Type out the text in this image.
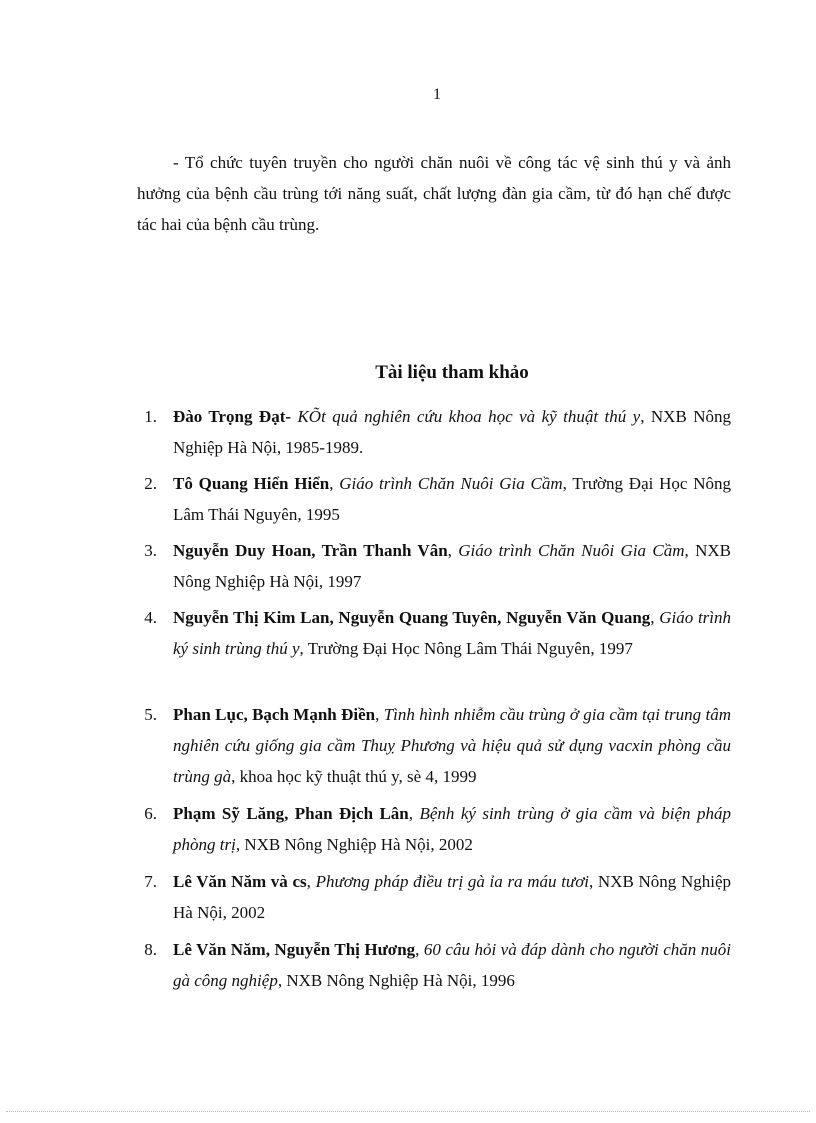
1

- Tổ chức tuyên truyền cho người chăn nuôi về công tác vệ sinh thú y và ảnh hưởng của bệnh cầu trùng tới năng suất, chất lượng đàn gia cầm, từ đó hạn chế được tác hai của bệnh cầu trùng.

Tài liệu tham khảo
1. Đào Trọng Đạt- KÕt quả nghiên cứu khoa học và kỹ thuật thú y, NXB Nông Nghiệp Hà Nội, 1985-1989.
2. Tô Quang Hiển Hiển, Giáo trình Chăn Nuôi Gia Cầm, Trường Đại Học Nông Lâm Thái Nguyên, 1995
3. Nguyễn Duy Hoan, Trần Thanh Vân, Giáo trình Chăn Nuôi Gia Cầm, NXB Nông Nghiệp Hà Nội, 1997
4. Nguyễn Thị Kim Lan, Nguyễn Quang Tuyên, Nguyễn Văn Quang, Giáo trình ký sinh trùng thú y, Trường Đại Học Nông Lâm Thái Nguyên, 1997
5. Phan Lục, Bạch Mạnh Điền, Tình hình nhiễm cầu trùng ở gia cầm tại trung tâm nghiên cứu giống gia cầm Thuỵ Phương và hiệu quả sử dụng vacxin phòng cầu trùng gà, khoa học kỹ thuật thú y, sè 4, 1999
6. Phạm Sỹ Lăng, Phan Địch Lân, Bệnh ký sinh trùng ở gia cầm và biện pháp phòng trị, NXB Nông Nghiệp Hà Nội, 2002
7. Lê Văn Năm và cs, Phương pháp điều trị gà ỉa ra máu tươi, NXB Nông Nghiệp Hà Nội, 2002
8. Lê Văn Năm, Nguyễn Thị Hương, 60 câu hỏi và đáp dành cho người chăn nuôi gà công nghiệp, NXB Nông Nghiệp Hà Nội, 1996
